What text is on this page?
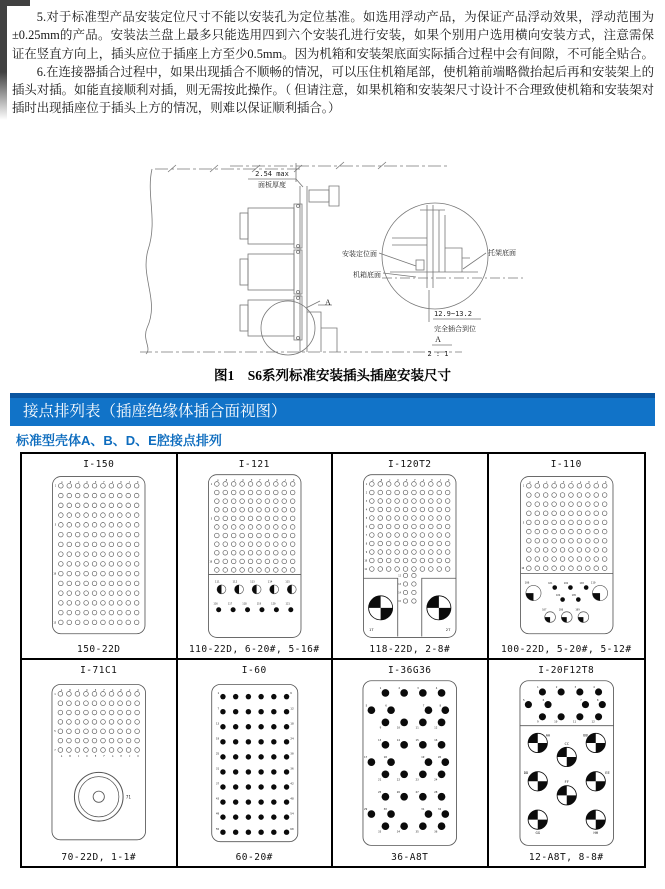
5.对于标准型产品安装定位尺寸不能以安装孔为定位基准。如选用浮动产品，为保证产品浮动效果，浮动范围为±0.25mm的产品。安装法兰盘上最多只能选用四到六个安装孔进行安装，如果个别用户选用横向安装方式，注意需保证在竖直方向上，插头应位于插座上方至少0.5mm。因为机箱和安装架底面实际插合过程中会有间隙，不可能全贴合。

6.在连接器插合过程中，如果出现插合不顺畅的情况，可以压住机箱尾部，使机箱前端略微抬起后再和安装架上的插头对插。如能直接顺利对插，则无需按此操作。（ 但请注意，如果机箱和安装架尺寸设计不合理致使机箱和安装架对插时出现插座位于插头上方的情况，则难以保证顺利插合。）

2.54 max
面板厚度
A
安装定位面
机箱底面
托架底面
12.9~13.2
完全插合到位
A
2 : 1
图1　S6系列标准安装插头插座安装尺寸
接点排列表（插座绝缘体插合面视图）
标准型壳体A、B、D、E腔接点排列
I-150
A	B	C	D	E	F	G	H	J	K
1
5
10
15
150-22D
I-121
A	B	C	D	E	F	G	H	J	K
1
5
10
111	112	113	114	115
116	117	118	119	120	121
110-22D, 6-20#, 5-16#
I-120T2
A	B	C	D	E	F	G	H	J	K
1
2
3
4
5
6
7
8
9
10
11
12
13
14
15
1T	2T
118-22D, 2-8#
I-110
A	B	C	D	E	F	G	H	J	K
1
5
10
106	110
101	102	103
104	105
107	108	109
100-22D, 5-20#, 5-12#
I-71C1
A	B	C	D	E	F	G	H	J	K
1
5
7
A	B	C	D	E	F	G	H	J	K
71
70-22D, 1-1#
I-60
1	6
7	12
13	18
19	24
25	30
31	36
37	42
43	48
49	54
55	60
60-20#
I-36G36
1	2	3	4
5	6	7	8
9	10	11	12
13	14	15	16
17	18	19	20
21	22	23	24
25	26	27	28
29	30	31	32
33	34	35	36
36-A8T
I-20F12T8
1	2	3	4
5	6	7	8
9	10	11	12
AA	BB
CC
DD	EE
FF
GG	HH
12-A8T, 8-8#
